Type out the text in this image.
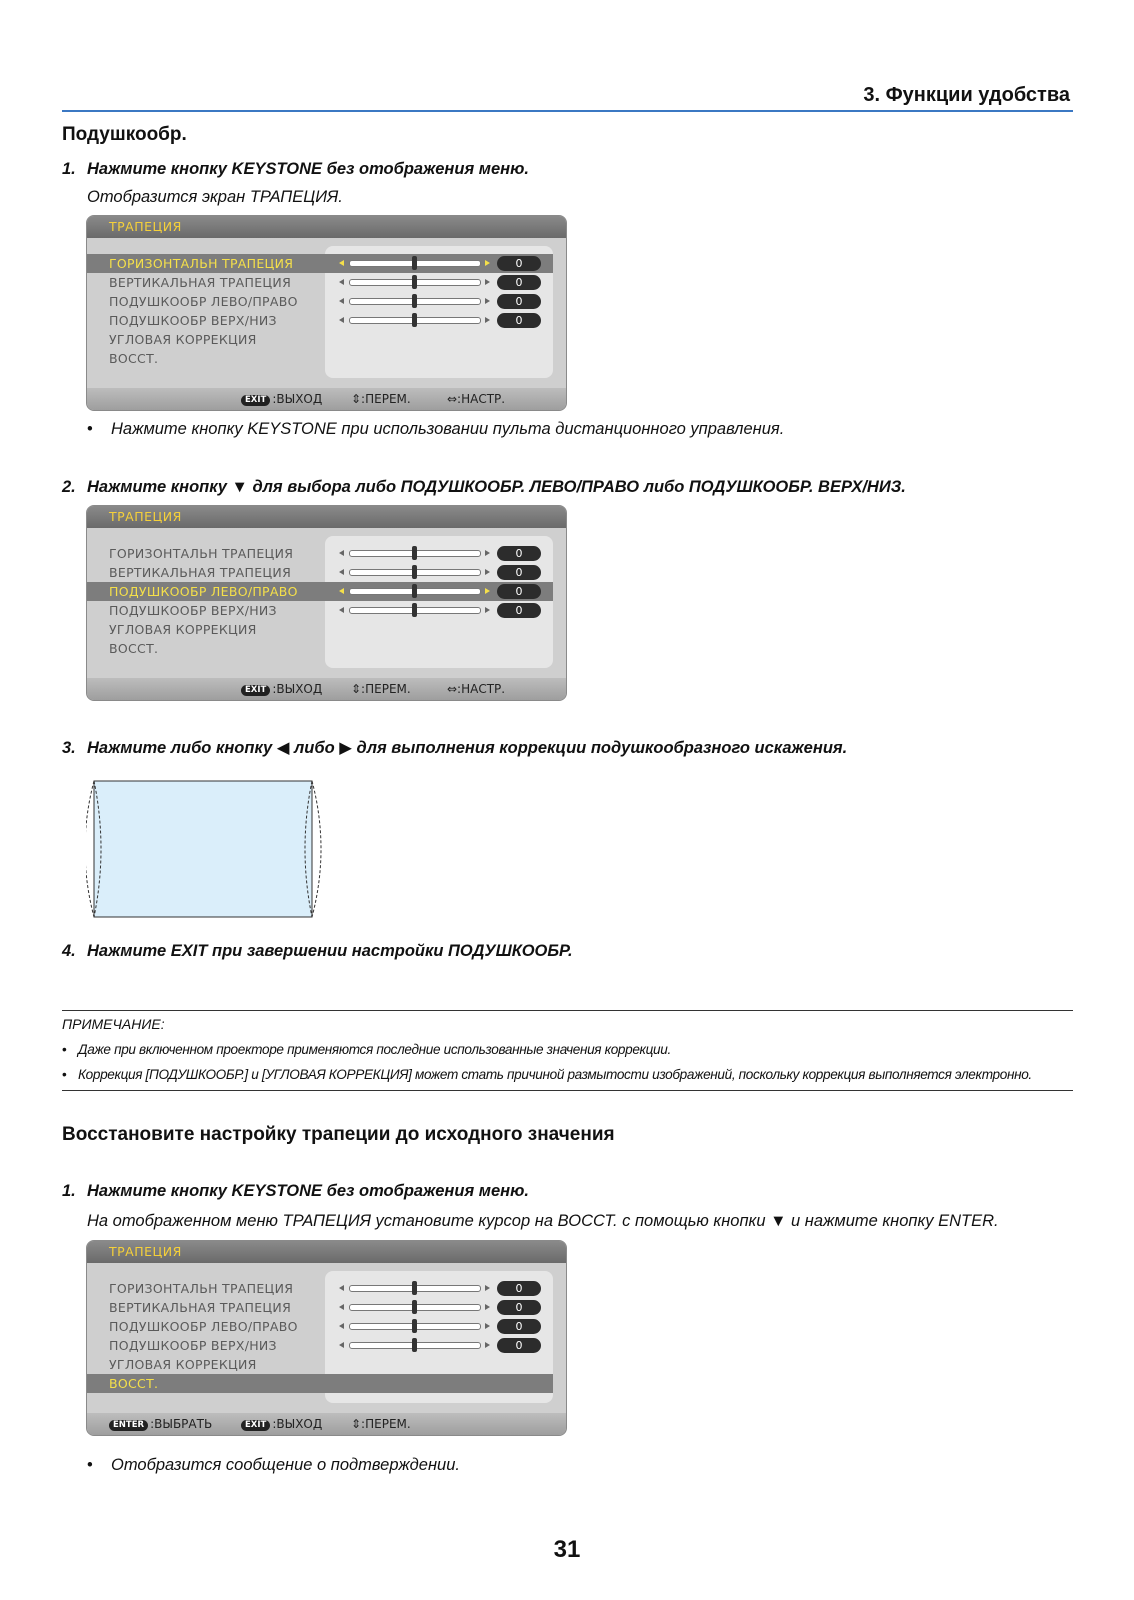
3. Функции удобства
Подушкообр.
1. Нажмите кнопку KEYSTONE без отображения меню.
Отобразится экран ТРАПЕЦИЯ.
ТРАПЕЦИЯ
ГОРИЗОНТАЛЬН ТРАПЕЦИЯ	0
ВЕРТИКАЛЬНАЯ ТРАПЕЦИЯ	0
ПОДУШКООБР ЛЕВО/ПРАВО	0
ПОДУШКООБР ВЕРХ/НИЗ	0
УГЛОВАЯ КОРРЕКЦИЯ
ВОССТ.
EXIT :ВЫХОД ⇕:ПЕРЕМ.	⇔:НАСТР.
• Нажмите кнопку KEYSTONE при использовании пульта дистанционного управления.
2. Нажмите кнопку ▼ для выбора либо ПОДУШКООБР. ЛЕВО/ПРАВО либо ПОДУШКООБР. ВЕРХ/НИЗ.
ТРАПЕЦИЯ
ГОРИЗОНТАЛЬН ТРАПЕЦИЯ	0
ВЕРТИКАЛЬНАЯ ТРАПЕЦИЯ	0
ПОДУШКООБР ЛЕВО/ПРАВО	0
ПОДУШКООБР ВЕРХ/НИЗ	0
УГЛОВАЯ КОРРЕКЦИЯ
ВОССТ.
EXIT :ВЫХОД ⇕:ПЕРЕМ.	⇔:НАСТР.
3. Нажмите либо кнопку ◀ либо ▶ для выполнения коррекции подушкообразного искажения.
4. Нажмите EXIT при завершении настройки ПОДУШКООБР.
ПРИМЕЧАНИЕ:
• Даже при включенном проекторе применяются последние использованные значения коррекции.
• Коррекция [ПОДУШКООБР.] и [УГЛОВАЯ КОРРЕКЦИЯ] может стать причиной размытости изображений, поскольку коррекция выполняется электронно.
Восстановите настройку трапеции до исходного значения
1. Нажмите кнопку KEYSTONE без отображения меню.
На отображенном меню ТРАПЕЦИЯ установите курсор на ВОССТ. с помощью кнопки ▼ и нажмите кнопку ENTER.
ТРАПЕЦИЯ
ГОРИЗОНТАЛЬН ТРАПЕЦИЯ	0
ВЕРТИКАЛЬНАЯ ТРАПЕЦИЯ	0
ПОДУШКООБР ЛЕВО/ПРАВО	0
ПОДУШКООБР ВЕРХ/НИЗ	0
УГЛОВАЯ КОРРЕКЦИЯ
ВОССТ.
ENTER :ВЫБРАТЬ	EXIT :ВЫХОД ⇕:ПЕРЕМ.
• Отобразится сообщение о подтверждении.
31
